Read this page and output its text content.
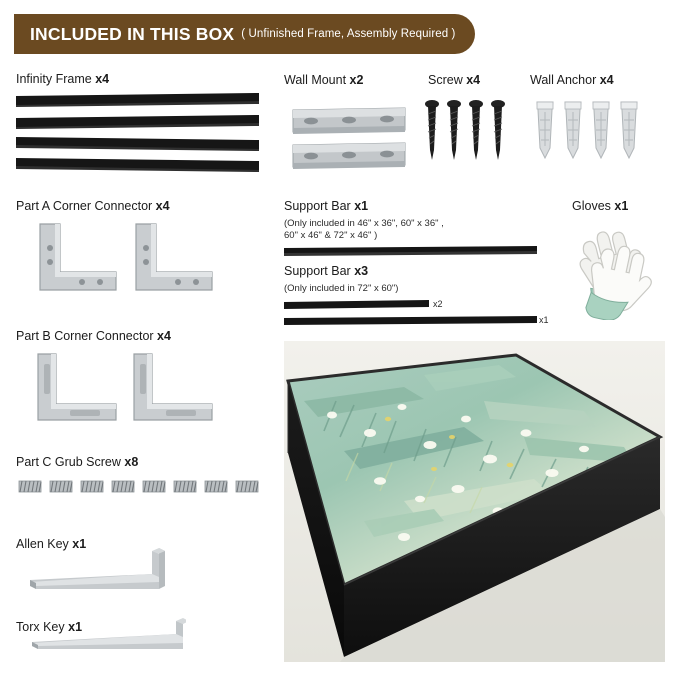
INCLUDED IN THIS BOX ( Unfinished Frame, Assembly Required )
Infinity Frame x4
Part A Corner Connector x4
Part B Corner Connector x4
Part C Grub Screw x8
Allen Key x1
Torx Key x1
Wall Mount x2	Screw x4	Wall Anchor x4
Support Bar x1
(Only included in 46" x 36", 60" x 36" ,
60" x 46" & 72" x 46" )
Support Bar x3
(Only included in 72" x 60")
x2
x1
Gloves x1
